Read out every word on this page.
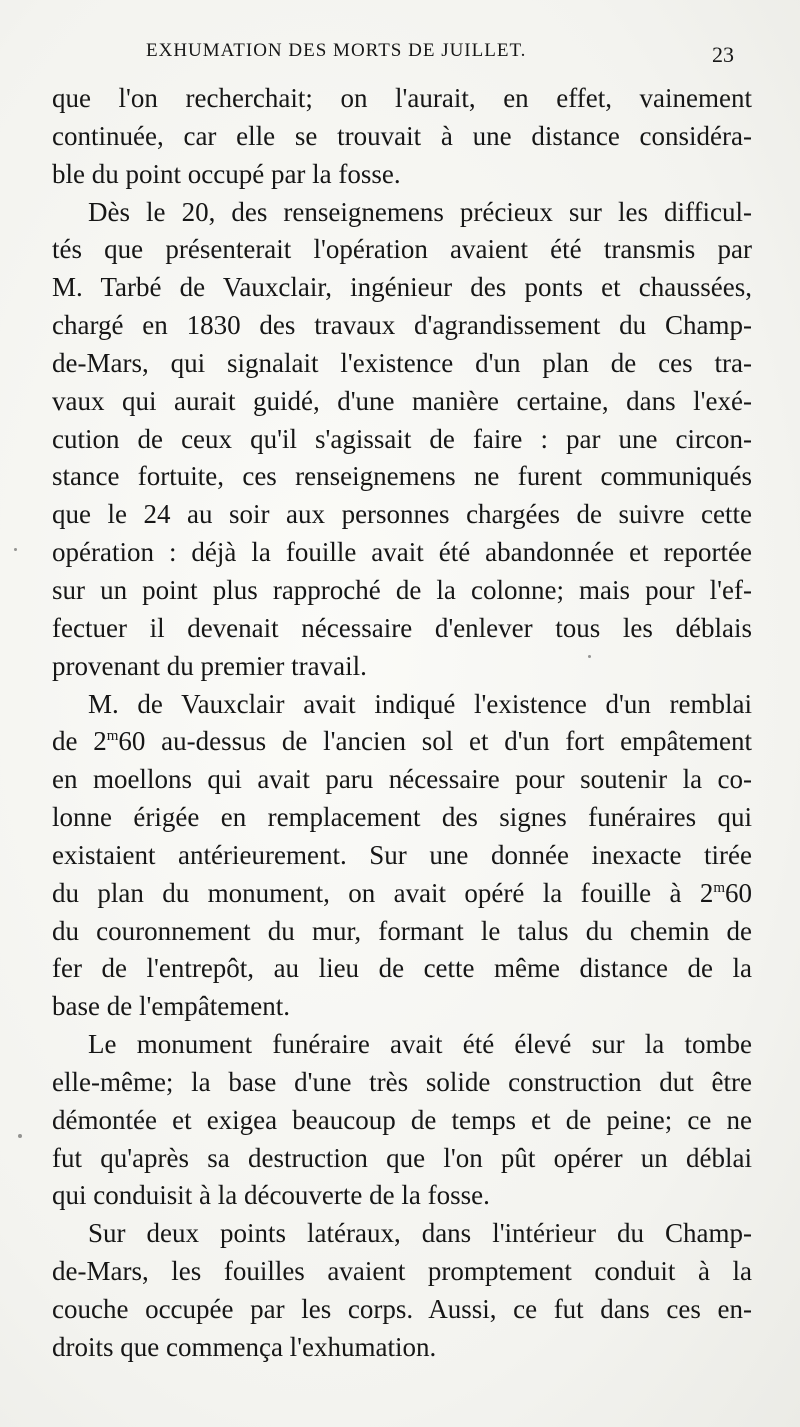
EXHUMATION DES MORTS DE JUILLET.	23
que l'on recherchait; on l'aurait, en effet, vainement
continuée, car elle se trouvait à une distance considéra-
ble du point occupé par la fosse.
Dès le 20, des renseignemens précieux sur les difficul-
tés que présenterait l'opération avaient été transmis par
M. Tarbé de Vauxclair, ingénieur des ponts et chaussées,
chargé en 1830 des travaux d'agrandissement du Champ-
de-Mars, qui signalait l'existence d'un plan de ces tra-
vaux qui aurait guidé, d'une manière certaine, dans l'exé-
cution de ceux qu'il s'agissait de faire : par une circon-
stance fortuite, ces renseignemens ne furent communiqués
que le 24 au soir aux personnes chargées de suivre cette
opération : déjà la fouille avait été abandonnée et reportée
sur un point plus rapproché de la colonne; mais pour l'ef-
fectuer il devenait nécessaire d'enlever tous les déblais
provenant du premier travail.
M. de Vauxclair avait indiqué l'existence d'un remblai
de 2$^m$60 au-dessus de l'ancien sol et d'un fort empâtement
en moellons qui avait paru nécessaire pour soutenir la co-
lonne érigée en remplacement des signes funéraires qui
existaient antérieurement. Sur une donnée inexacte tirée
du plan du monument, on avait opéré la fouille à 2$^m$60
du couronnement du mur, formant le talus du chemin de
fer de l'entrepôt, au lieu de cette même distance de la
base de l'empâtement.
Le monument funéraire avait été élevé sur la tombe
elle-même; la base d'une très solide construction dut être
démontée et exigea beaucoup de temps et de peine; ce ne
fut qu'après sa destruction que l'on pût opérer un déblai
qui conduisit à la découverte de la fosse.
Sur deux points latéraux, dans l'intérieur du Champ-
de-Mars, les fouilles avaient promptement conduit à la
couche occupée par les corps. Aussi, ce fut dans ces en-
droits que commença l'exhumation.
